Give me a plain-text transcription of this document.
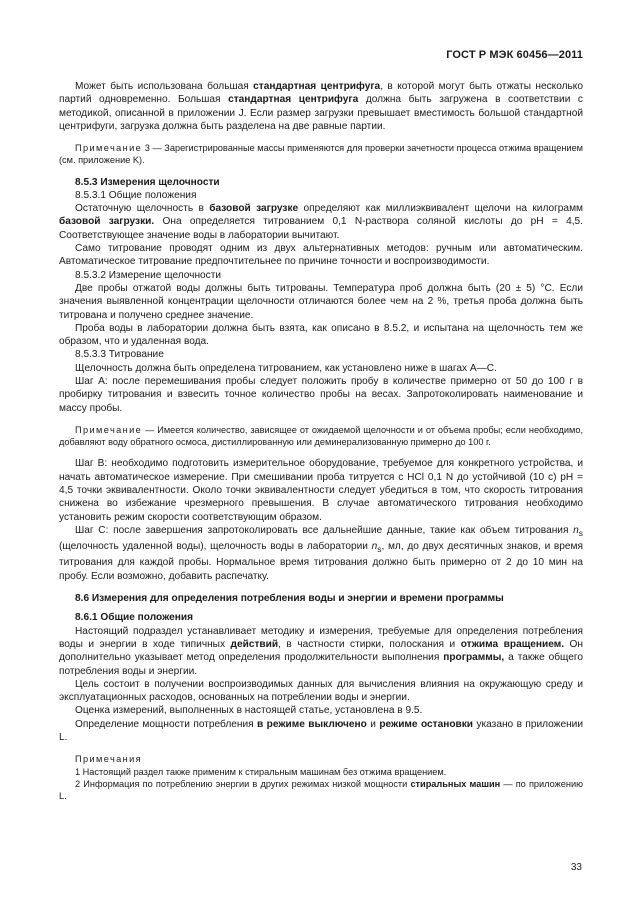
ГОСТ Р МЭК 60456—2011

Может быть использована большая стандартная центрифуга, в которой могут быть отжаты несколько партий одновременно. Большая стандартная центрифуга должна быть загружена в соответствии с методикой, описанной в приложении J. Если размер загрузки превышает вместимость большой стандартной центрифуги, загрузка должна быть разделена на две равные партии.

Примечание 3 — Зарегистрированные массы применяются для проверки зачетности процесса отжима вращением (см. приложение K).

8.5.3 Измерения щелочности

8.5.3.1 Общие положения

Остаточную щелочность в базовой загрузке определяют как миллиэквивалент щелочи на килограмм базовой загрузки. Она определяется титрованием 0,1 N-раствора соляной кислоты до рН = 4,5. Соответствующее значение воды в лаборатории вычитают.

Само титрование проводят одним из двух альтернативных методов: ручным или автоматическим. Автоматическое титрование предпочтительнее по причине точности и воспроизводимости.

8.5.3.2 Измерение щелочности

Две пробы отжатой воды должны быть титрованы. Температура проб должна быть (20 ± 5) °C. Если значения выявленной концентрации щелочности отличаются более чем на 2 %, третья проба должна быть титрована и получено среднее значение.

Проба воды в лаборатории должна быть взята, как описано в 8.5.2, и испытана на щелочность тем же образом, что и удаленная вода.

8.5.3.3 Титрование

Щелочность должна быть определена титрованием, как установлено ниже в шагах А—С.

Шаг А: после перемешивания пробы следует положить пробу в количестве примерно от 50 до 100 г в пробирку титрования и взвесить точное количество пробы на весах. Запротоколировать наименование и массу пробы.

Примечание — Имеется количество, зависящее от ожидаемой щелочности и от объема пробы; если необходимо, добавляют воду обратного осмоса, дистиллированную или деминерализованную примерно до 100 г.

Шаг В: необходимо подготовить измерительное оборудование, требуемое для конкретного устройства, и начать автоматическое измерение. При смешивании проба титруется с HCl 0,1 N до устойчивой (10 с) рН = 4,5 точки эквивалентности. Около точки эквивалентности следует убедиться в том, что скорость титрования снижена во избежание чрезмерного превышения. В случае автоматического титрования необходимо установить режим скорости соответствующим образом.

Шаг С: после завершения запротоколировать все дальнейшие данные, такие как объем титрования $n_s$ (щелочность удаленной воды), щелочность воды в лаборатории $n_s$, мл, до двух десятичных знаков, и время титрования для каждой пробы. Нормальное время титрования должно быть примерно от 2 до 10 мин на пробу. Если возможно, добавить распечатку.

8.6 Измерения для определения потребления воды и энергии и времени программы

8.6.1 Общие положения

Настоящий подраздел устанавливает методику и измерения, требуемые для определения потребления воды и энергии в ходе типичных действий, в частности стирки, полоскания и отжима вращением. Он дополнительно указывает метод определения продолжительности выполнения программы, а также общего потребления воды и энергии.

Цель состоит в получении воспроизводимых данных для вычисления влияния на окружающую среду и эксплуатационных расходов, основанных на потреблении воды и энергии.

Оценка измерений, выполненных в настоящей статье, установлена в 9.5.

Определение мощности потребления в режиме выключено и режиме остановки указано в приложении L.

Примечания

1 Настоящий раздел также применим к стиральным машинам без отжима вращением.

2 Информация по потреблению энергии в других режимах низкой мощности стиральных машин — по приложению L.

33
